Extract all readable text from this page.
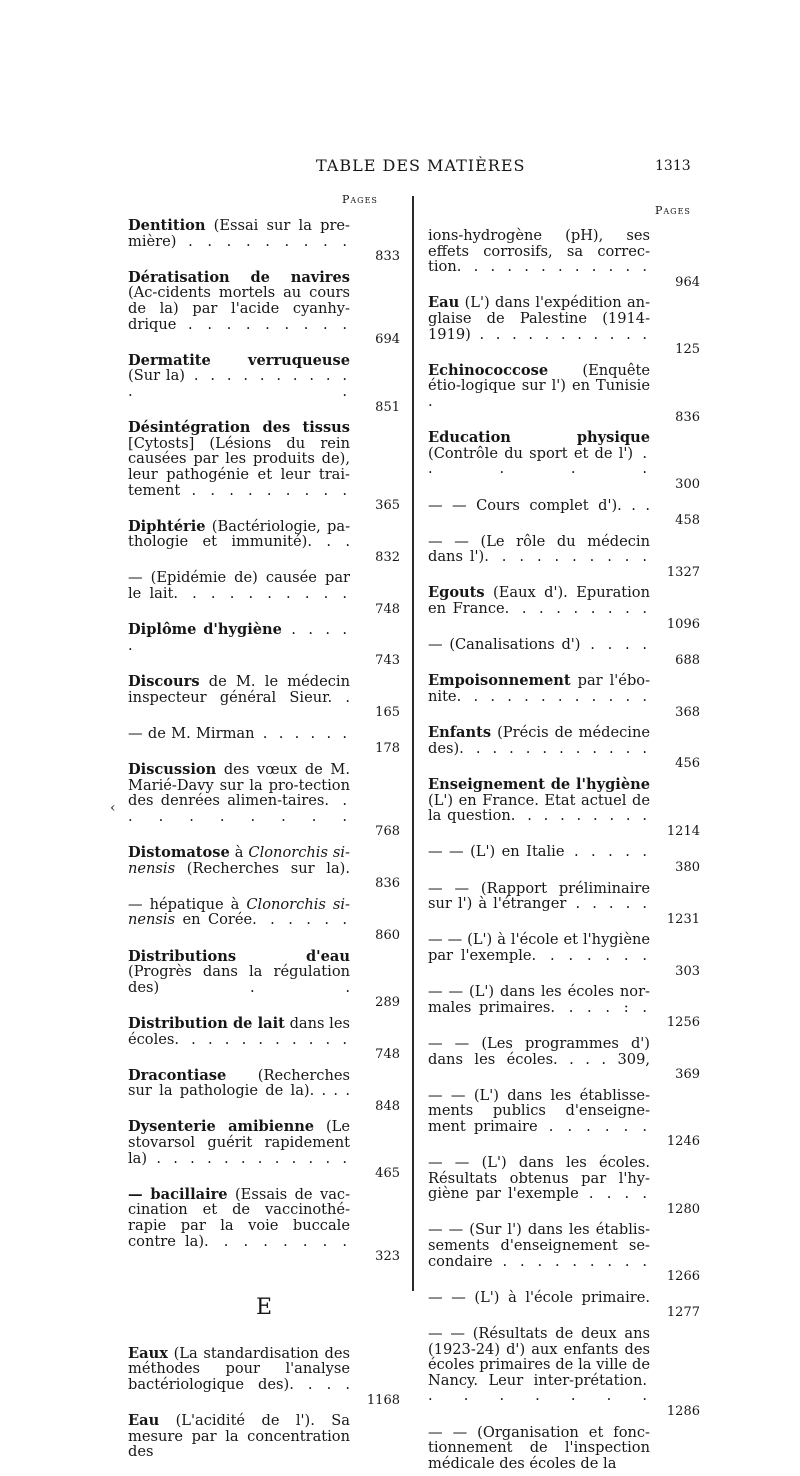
TABLE DES MATIÈRES	1313
Pages
Pages
‹
Dentition (Essai sur la pre-mière) . . . . . . . . .
833
Dératisation de navires (Ac-cidents mortels au cours de la) par l'acide cyanhy-drique . . . . . . . . .
694
Dermatite verruqueuse (Sur la) . . . . . . . . . . . .
851
Désintégration des tissus [Cytosts] (Lésions du rein causées par les produits de), leur pathogénie et leur trai-tement . . . . . . . . .
365
Diphtérie (Bactériologie, pa-thologie et immunité). . .
832
— (Epidémie de) causée par le lait. . . . . . . . . .
748
Diplôme d'hygiène . . . . .
743
Discours de M. le médecin inspecteur général Sieur. .
165
— de M. Mirman . . . . . .
178
Discussion des vœux de M. Marié-Davy sur la pro-tection des denrées alimen-taires. . . . . . . . . .
768
Distomatose à Clonorchis si-nensis (Recherches sur la).
836
— hépatique à Clonorchis si-nensis en Corée. . . . . .
860
Distributions d'eau (Progrès dans la régulation des) . .
289
Distribution de lait dans les écoles. . . . . . . . . . .
748
Dracontiase (Recherches sur la pathologie de la). . . .
848
Dysenterie amibienne (Le stovarsol guérit rapidement la) . . . . . . . . . . . .
465
— bacillaire (Essais de vac-cination et de vaccinothé-rapie par la voie buccale contre la). . . . . . . .
323
E
Eaux (La standardisation des méthodes pour l'analyse bactériologique des). . . .
1168
Eau (L'acidité de l'). Sa mesure par la concentration des
ions-hydrogène (pH), ses effets corrosifs, sa correc-tion. . . . . . . . . . . .
964
Eau (L') dans l'expédition an-glaise de Palestine (1914-1919) . . . . . . . . . . .
125
Echinococcose (Enquête étio-logique sur l') en Tunisie .
836
Education physique (Contrôle du sport et de l') . . . . .
300
— — Cours complet d'). . .
458
— — (Le rôle du médecin dans l'). . . . . . . . . .
1327
Egouts (Eaux d'). Epuration en France. . . . . . . . .
1096
— (Canalisations d') . . . .
688
Empoisonnement par l'ébo-nite. . . . . . . . . . . .
368
Enfants (Précis de médecine des). . . . . . . . . . . .
456
Enseignement de l'hygiène (L') en France. Etat actuel de la question. . . . . . . . .
1214
— — (L') en Italie . . . . .
380
— — (Rapport préliminaire sur l') à l'étranger . . . . .
1231
— — (L') à l'école et l'hygiène par l'exemple. . . . . . .
303
— — (L') dans les écoles nor-males primaires. . . . : .
1256
— — (Les programmes d') dans les écoles. . . . 309,
369
— — (L') dans les établisse-ments publics d'enseigne-ment primaire . . . . . .
1246
— — (L') dans les écoles. Résultats obtenus par l'hy-giène par l'exemple . . . .
1280
— — (Sur l') dans les établis-sements d'enseignement se-condaire . . . . . . . . .
1266
— — (L') à l'école primaire.
1277
— — (Résultats de deux ans (1923-24) d') aux enfants des écoles primaires de la ville de Nancy. Leur inter-prétation. . . . . . . .
1286
— — (Organisation et fonc-tionnement de l'inspection médicale des écoles de la
